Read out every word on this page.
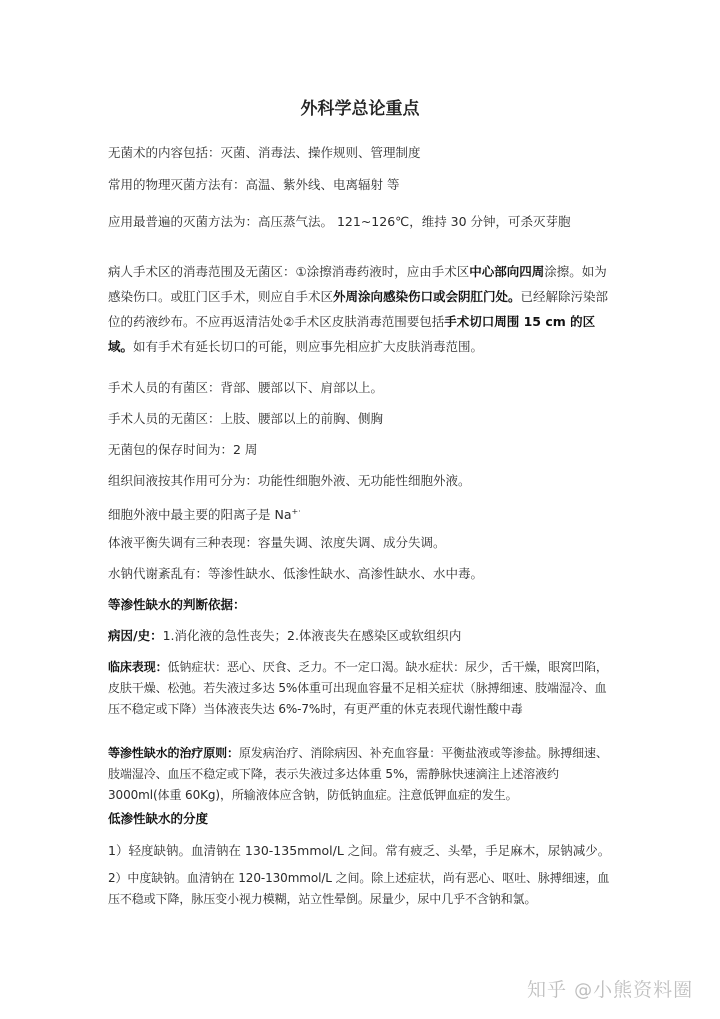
外科学总论重点

无菌术的内容包括：灭菌、消毒法、操作规则、管理制度

常用的物理灭菌方法有：高温、紫外线、电离辐射 等

应用最普遍的灭菌方法为：高压蒸气法。 121~126℃，维持 30 分钟，可杀灭芽胞

病人手术区的消毒范围及无菌区：①涂擦消毒药液时，应由手术区中心部向四周涂擦。如为感染伤口。或肛门区手术，则应自手术区外周涂向感染伤口或会阴肛门处。已经解除污染部位的药液纱布。不应再返清洁处②手术区皮肤消毒范围要包括手术切口周围 15 cm 的区域。如有手术有延长切口的可能，则应事先相应扩大皮肤消毒范围。

手术人员的有菌区：背部、腰部以下、肩部以上。

手术人员的无菌区：上肢、腰部以上的前胸、侧胸

无菌包的保存时间为：2 周

组织间液按其作用可分为：功能性细胞外液、无功能性细胞外液。

细胞外液中最主要的阳离子是 Na+·

体液平衡失调有三种表现：容量失调、浓度失调、成分失调。

水钠代谢紊乱有：等渗性缺水、低渗性缺水、高渗性缺水、水中毒。

等渗性缺水的判断依据：

病因/史：1.消化液的急性丧失；2.体液丧失在感染区或软组织内

临床表现：低钠症状：恶心、厌食、乏力。不一定口渴。缺水症状：尿少，舌干燥，眼窝凹陷，皮肤干燥、松弛。若失液过多达 5%体重可出现血容量不足相关症状（脉搏细速、肢端湿冷、血压不稳定或下降）当体液丧失达 6%-7%时，有更严重的休克表现代谢性酸中毒

等渗性缺水的治疗原则：原发病治疗、消除病因、补充血容量：平衡盐液或等渗盐。脉搏细速、肢端湿冷、血压不稳定或下降，表示失液过多达体重 5%，需静脉快速滴注上述溶液约 3000ml(体重 60Kg)，所输液体应含钠，防低钠血症。注意低钾血症的发生。

低渗性缺水的分度

1）轻度缺钠。血清钠在 130-135mmol/L 之间。常有疲乏、头晕，手足麻木，尿钠减少。

2）中度缺钠。血清钠在 120-130mmol/L 之间。除上述症状，尚有恶心、呕吐、脉搏细速，血压不稳或下降，脉压变小视力模糊，站立性晕倒。尿量少，尿中几乎不含钠和氯。

知乎 @小熊资料圈
